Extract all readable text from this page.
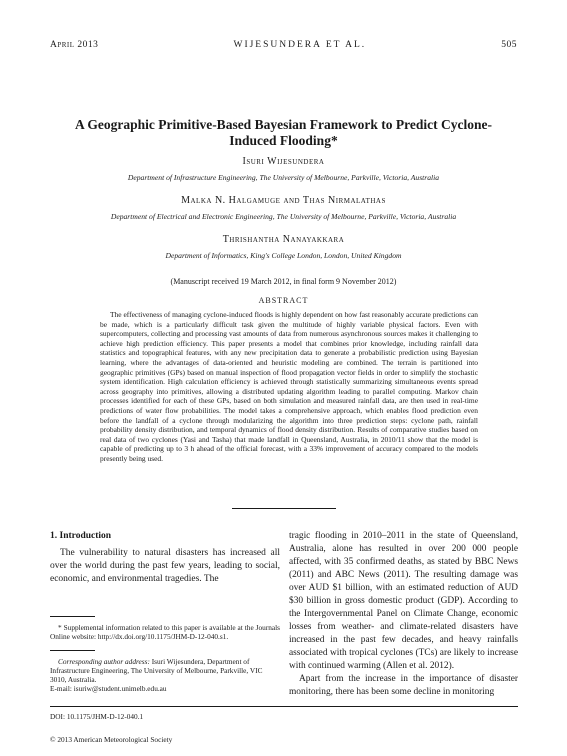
April 2013	WIJESUNDERA ET AL.	505
A Geographic Primitive-Based Bayesian Framework to Predict Cyclone-Induced Flooding*
Isuri Wijesundera
Department of Infrastructure Engineering, The University of Melbourne, Parkville, Victoria, Australia
Malka N. Halgamuge and Thas Nirmalathas
Department of Electrical and Electronic Engineering, The University of Melbourne, Parkville, Victoria, Australia
Thrishantha Nanayakkara
Department of Informatics, King's College London, London, United Kingdom
(Manuscript received 19 March 2012, in final form 9 November 2012)
ABSTRACT
The effectiveness of managing cyclone-induced floods is highly dependent on how fast reasonably accurate predictions can be made, which is a particularly difficult task given the multitude of highly variable physical factors. Even with supercomputers, collecting and processing vast amounts of data from numerous asynchronous sources makes it challenging to achieve high prediction efficiency. This paper presents a model that combines prior knowledge, including rainfall data statistics and topographical features, with any new precipitation data to generate a probabilistic prediction using Bayesian learning, where the advantages of data-oriented and heuristic modeling are combined. The terrain is partitioned into geographic primitives (GPs) based on manual inspection of flood propagation vector fields in order to simplify the stochastic system identification. High calculation efficiency is achieved through statistically summarizing simultaneous events spread across geography into primitives, allowing a distributed updating algorithm leading to parallel computing. Markov chain processes identified for each of these GPs, based on both simulation and measured rainfall data, are then used in real-time predictions of water flow probabilities. The model takes a comprehensive approach, which enables flood prediction even before the landfall of a cyclone through modularizing the algorithm into three prediction steps: cyclone path, rainfall probability density distribution, and temporal dynamics of flood density distribution. Results of comparative studies based on real data of two cyclones (Yasi and Tasha) that made landfall in Queensland, Australia, in 2010/11 show that the model is capable of predicting up to 3 h ahead of the official forecast, with a 33% improvement of accuracy compared to the models presently being used.
1. Introduction

The vulnerability to natural disasters has increased all over the world during the past few years, leading to social, economic, and environmental tragedies. The

* Supplemental information related to this paper is available at the Journals Online website: http://dx.doi.org/10.1175/JHM-D-12-040.s1.
Corresponding author address: Isuri Wijesundera, Department of Infrastructure Engineering, The University of Melbourne, Parkville, VIC 3010, Australia.
E-mail: isuriw@student.unimelb.edu.au

tragic flooding in 2010–2011 in the state of Queensland, Australia, alone has resulted in over 200 000 people affected, with 35 confirmed deaths, as stated by BBC News (2011) and ABC News (2011). The resulting damage was over AUD $1 billion, with an estimated reduction of AUD $30 billion in gross domestic product (GDP). According to the Intergovernmental Panel on Climate Change, economic losses from weather- and climate-related disasters have increased in the past few decades, and heavy rainfalls associated with tropical cyclones (TCs) are likely to increase with continued warming (Allen et al. 2012).

Apart from the increase in the importance of disaster monitoring, there has been some decline in monitoring

DOI: 10.1175/JHM-D-12-040.1
© 2013 American Meteorological Society
